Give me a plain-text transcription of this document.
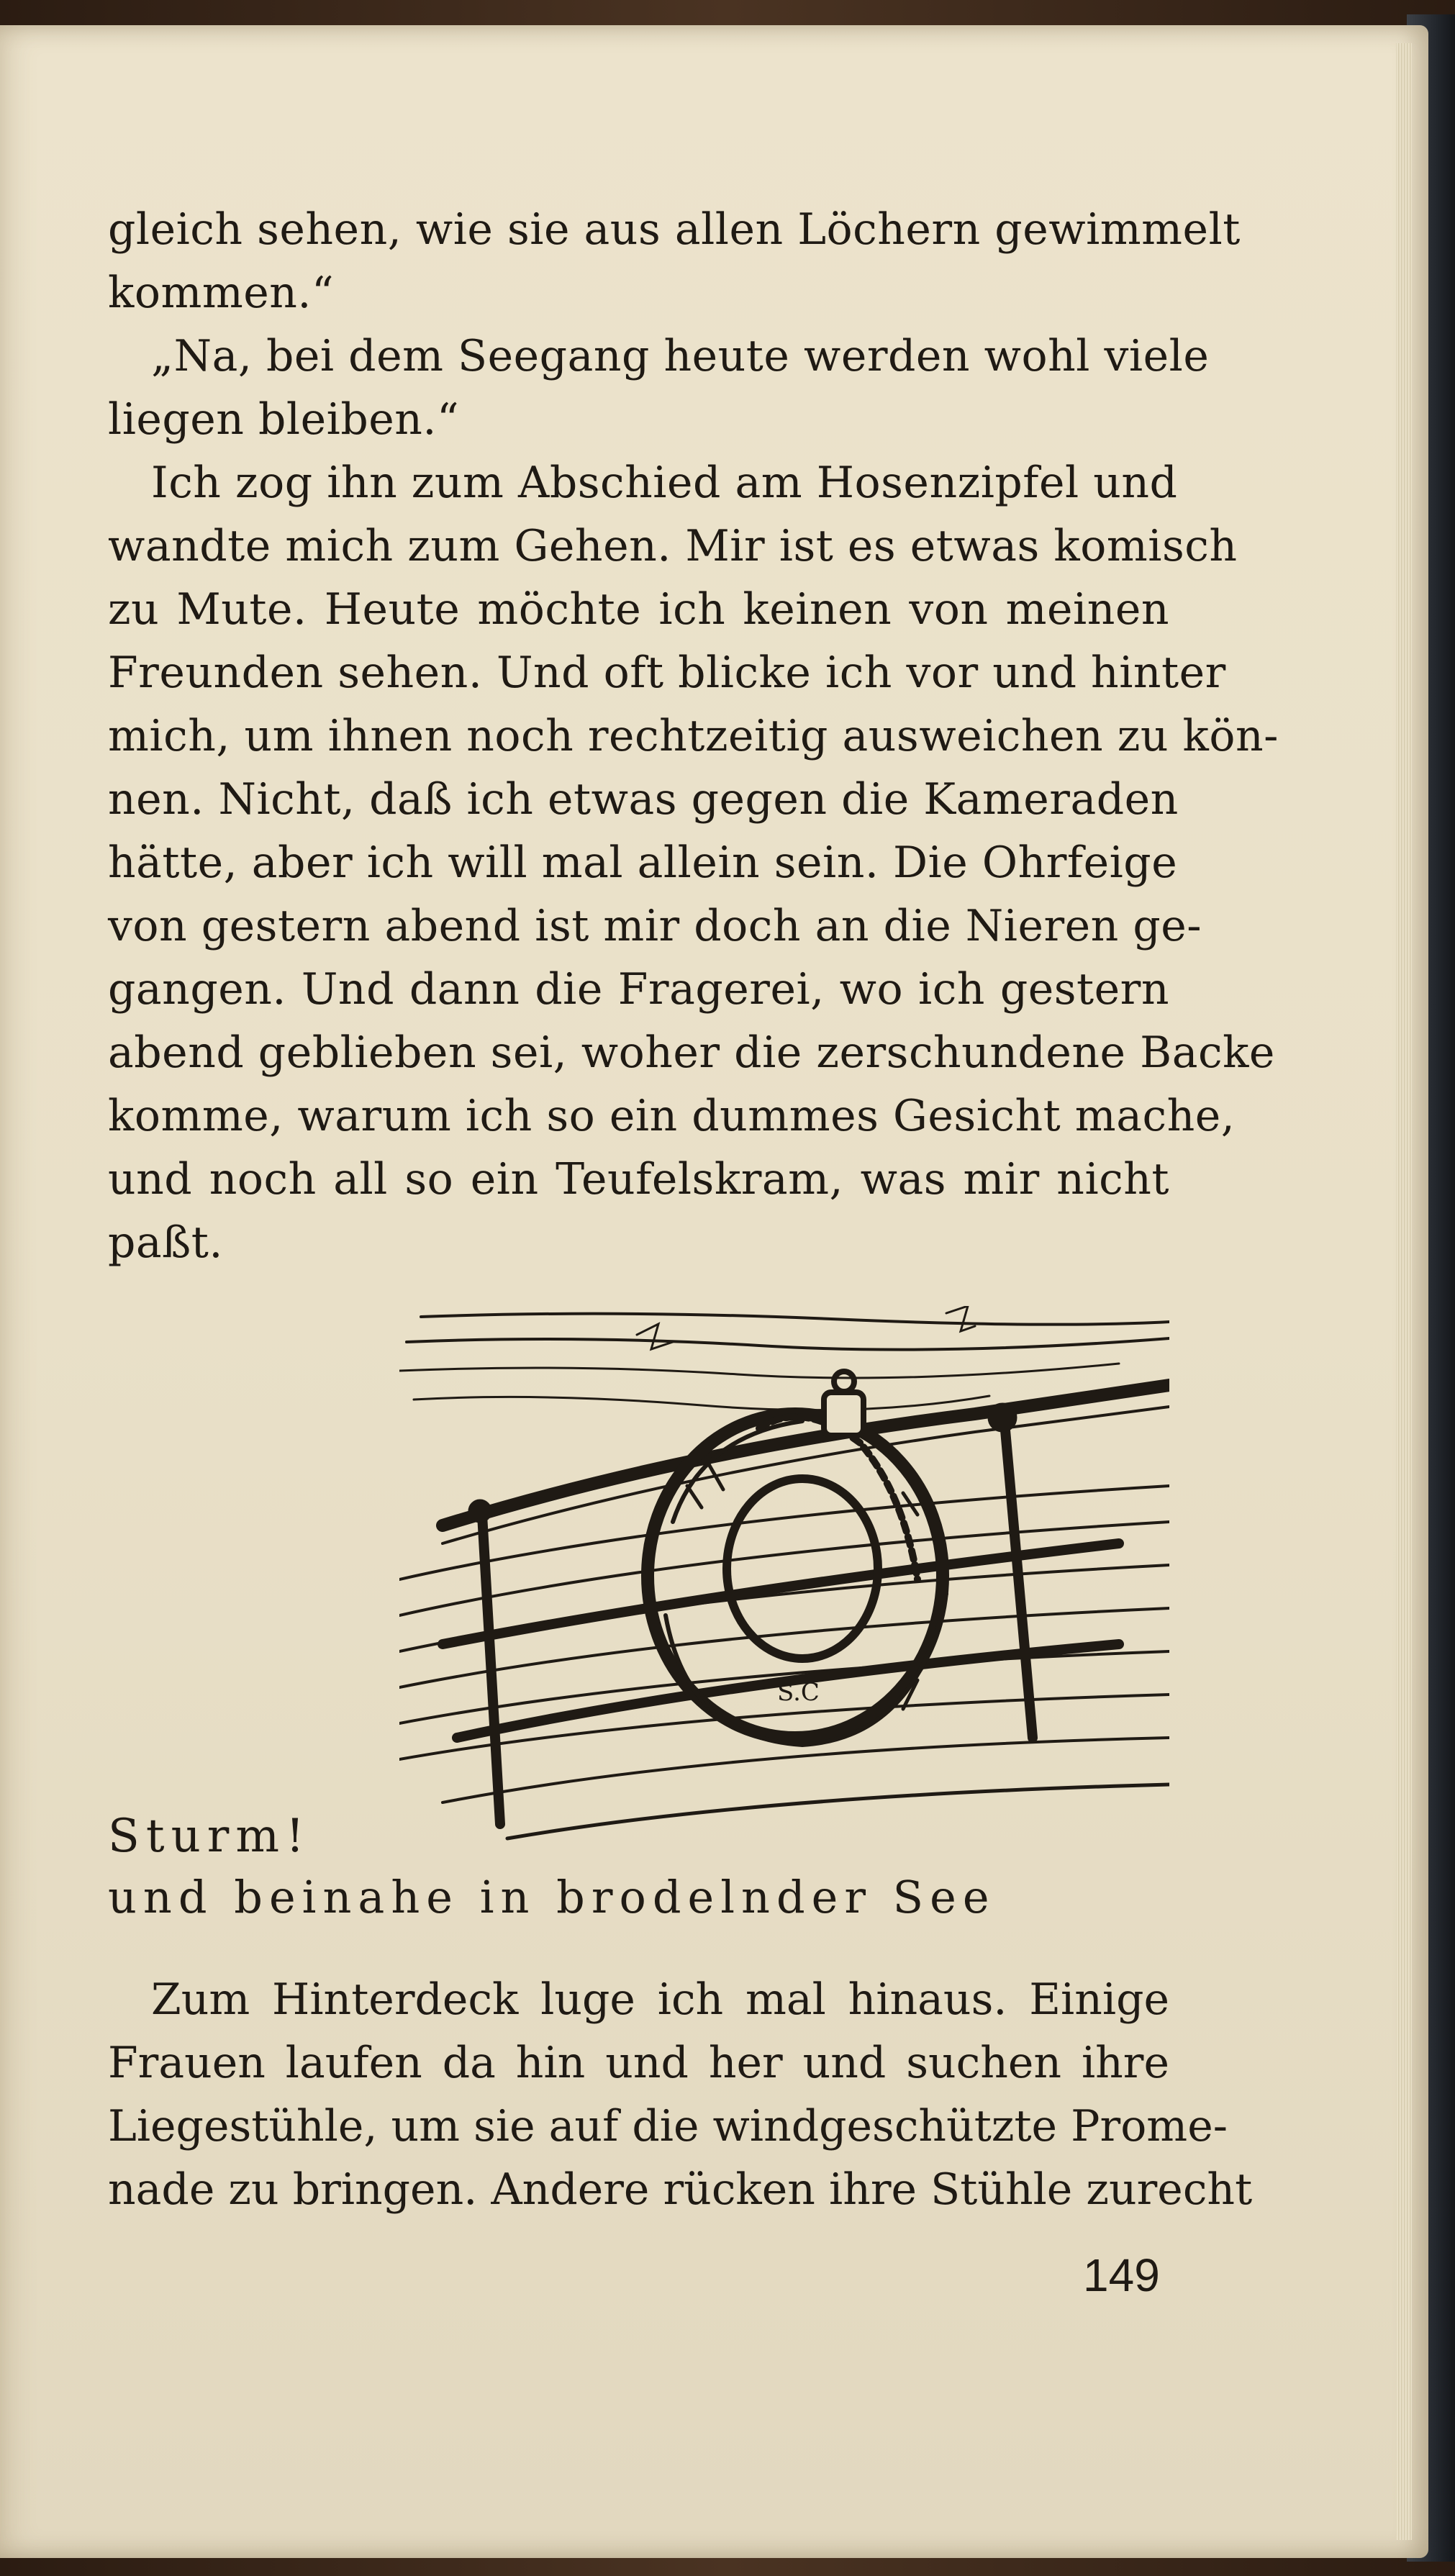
gleich sehen, wie sie aus allen Löchern gewimmelt
kommen.“
„Na, bei dem Seegang heute werden wohl viele
liegen bleiben.“
Ich zog ihn zum Abschied am Hosenzipfel und
wandte mich zum Gehen. Mir ist es etwas komisch
zu Mute. Heute möchte ich keinen von meinen
Freunden sehen. Und oft blicke ich vor und hinter
mich, um ihnen noch rechtzeitig ausweichen zu kön-
nen. Nicht, daß ich etwas gegen die Kameraden
hätte, aber ich will mal allein sein. Die Ohrfeige
von gestern abend ist mir doch an die Nieren ge-
gangen. Und dann die Fragerei, wo ich gestern
abend geblieben sei, woher die zerschundene Backe
komme, warum ich so ein dummes Gesicht mache,
und noch all so ein Teufelskram, was mir nicht
paßt.
S.C
Sturm!
und beinahe in brodelnder See
Zum Hinterdeck luge ich mal hinaus. Einige
Frauen laufen da hin und her und suchen ihre
Liegestühle, um sie auf die windgeschützte Prome-
nade zu bringen. Andere rücken ihre Stühle zurecht
149
